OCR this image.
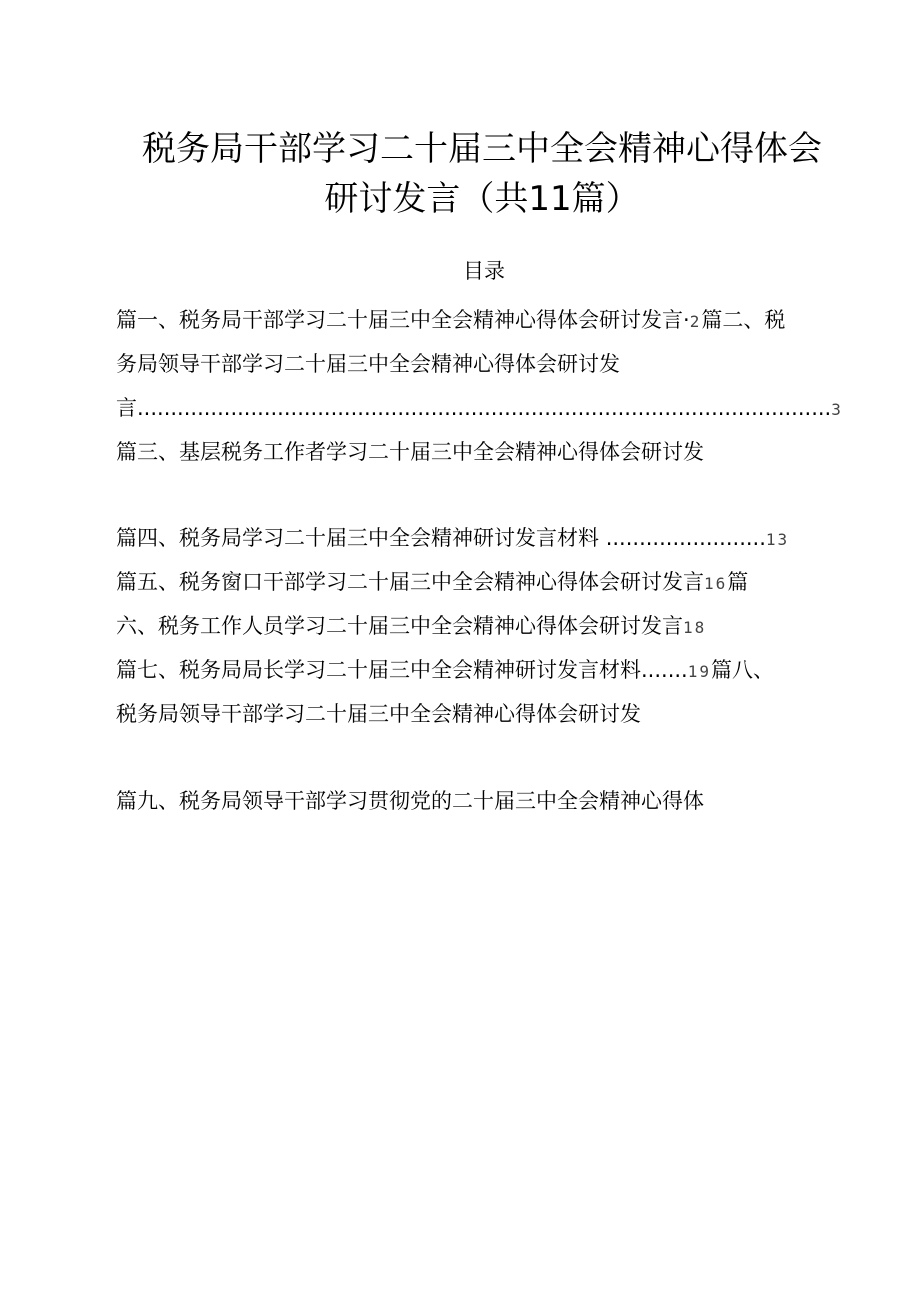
税务局干部学习二十届三中全会精神心得体会
研讨发言（共11篇）
目录
篇一、税务局干部学习二十届三中全会精神心得体会研讨发言·2篇二、税
务局领导干部学习二十届三中全会精神心得体会研讨发
言........................................................................................................3
篇三、基层税务工作者学习二十届三中全会精神心得体会研讨发
篇四、税务局学习二十届三中全会精神研讨发言材料 ........................13
篇五、税务窗口干部学习二十届三中全会精神心得体会研讨发言16篇
六、税务工作人员学习二十届三中全会精神心得体会研讨发言18
篇七、税务局局长学习二十届三中全会精神研讨发言材料.......19篇八、
税务局领导干部学习二十届三中全会精神心得体会研讨发
篇九、税务局领导干部学习贯彻党的二十届三中全会精神心得体
